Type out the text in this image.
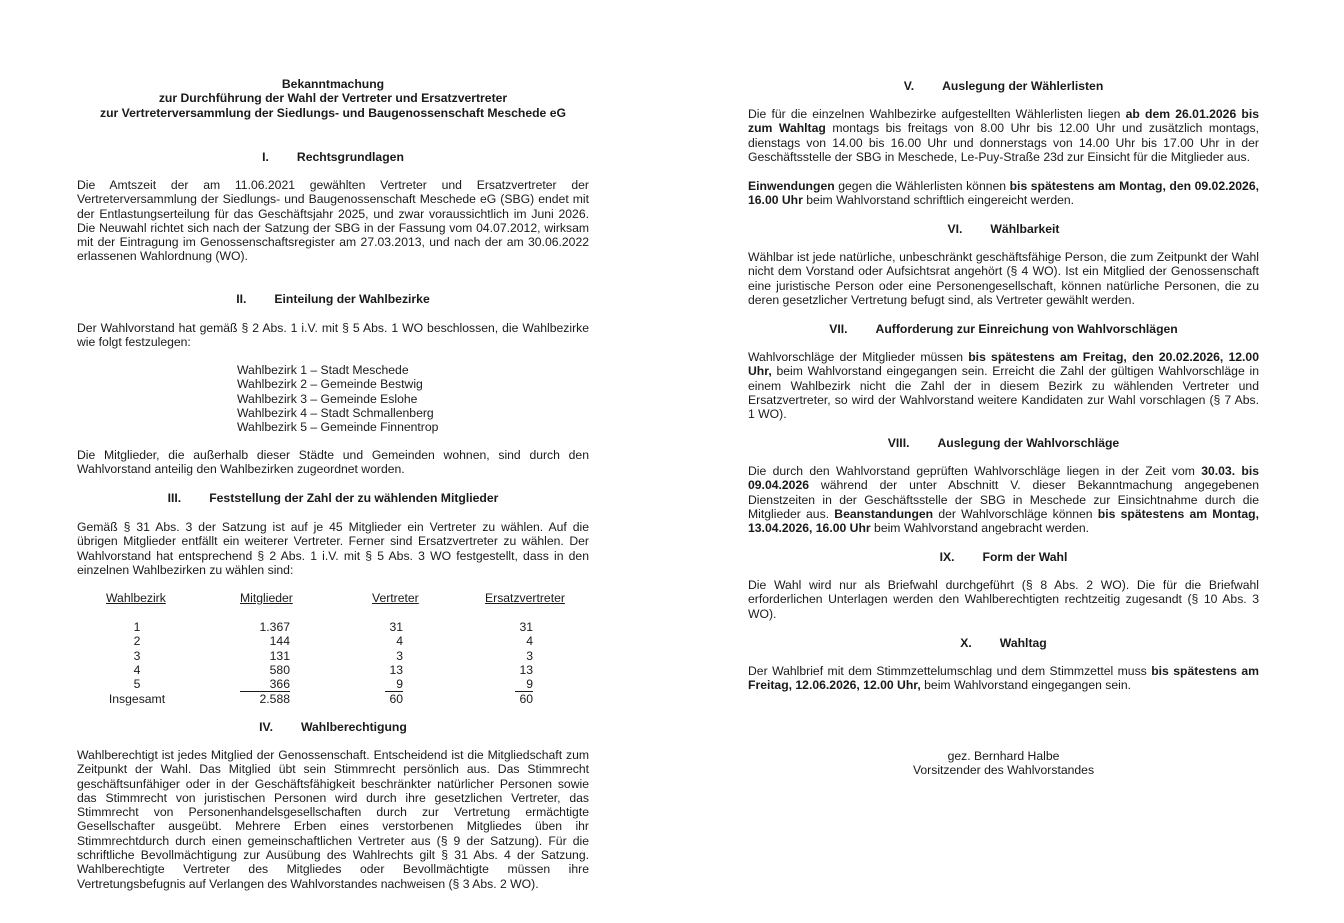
Bekanntmachung
zur Durchführung der Wahl der Vertreter und Ersatzvertreter
zur Vertreterversammlung der Siedlungs- und Baugenossenschaft Meschede eG
I. Rechtsgrundlagen
Die Amtszeit der am 11.06.2021 gewählten Vertreter und Ersatzvertreter der Vertreterversammlung der Siedlungs- und Baugenossenschaft Meschede eG (SBG) endet mit der Entlastungserteilung für das Geschäftsjahr 2025, und zwar voraussichtlich im Juni 2026. Die Neuwahl richtet sich nach der Satzung der SBG in der Fassung vom 04.07.2012, wirksam mit der Eintragung im Genossenschaftsregister am 27.03.2013, und nach der am 30.06.2022 erlassenen Wahlordnung (WO).
II. Einteilung der Wahlbezirke
Der Wahlvorstand hat gemäß § 2 Abs. 1 i.V. mit § 5 Abs. 1 WO beschlossen, die Wahlbezirke wie folgt festzulegen:
Wahlbezirk 1 – Stadt Meschede
Wahlbezirk 2 – Gemeinde Bestwig
Wahlbezirk 3 – Gemeinde Eslohe
Wahlbezirk 4 – Stadt Schmallenberg
Wahlbezirk 5 – Gemeinde Finnentrop
Die Mitglieder, die außerhalb dieser Städte und Gemeinden wohnen, sind durch den Wahlvorstand anteilig den Wahlbezirken zugeordnet worden.
III. Feststellung der Zahl der zu wählenden Mitglieder
Gemäß § 31 Abs. 3 der Satzung ist auf je 45 Mitglieder ein Vertreter zu wählen. Auf die übrigen Mitglieder entfällt ein weiterer Vertreter. Ferner sind Ersatzvertreter zu wählen. Der Wahlvorstand hat entsprechend § 2 Abs. 1 i.V. mit § 5 Abs. 3 WO festgestellt, dass in den einzelnen Wahlbezirken zu wählen sind:
Wahlbezirk	Mitglieder	Vertreter	Ersatzvertreter
1	1.367	31	31
2	144	4	4
3	131	3	3
4	580	13	13
5	366	9	9
Insgesamt	2.588	60	60
IV. Wahlberechtigung
Wahlberechtigt ist jedes Mitglied der Genossenschaft. Entscheidend ist die Mitgliedschaft zum Zeitpunkt der Wahl. Das Mitglied übt sein Stimmrecht persönlich aus. Das Stimmrecht geschäftsunfähiger oder in der Geschäftsfähigkeit beschränkter natürlicher Personen sowie das Stimmrecht von juristischen Personen wird durch ihre gesetzlichen Vertreter, das Stimmrecht von Personenhandelsgesellschaften durch zur Vertretung ermächtigte Gesellschafter ausgeübt. Mehrere Erben eines verstorbenen Mitgliedes üben ihr Stimmrechtdurch durch einen gemeinschaftlichen Vertreter aus (§ 9 der Satzung). Für die schriftliche Bevollmächtigung zur Ausübung des Wahlrechts gilt § 31 Abs. 4 der Satzung. Wahlberechtigte Vertreter des Mitgliedes oder Bevollmächtigte müssen ihre Vertretungsbefugnis auf Verlangen des Wahlvorstandes nachweisen (§ 3 Abs. 2 WO).
V. Auslegung der Wählerlisten
Die für die einzelnen Wahlbezirke aufgestellten Wählerlisten liegen ab dem 26.01.2026 bis zum Wahltag montags bis freitags von 8.00 Uhr bis 12.00 Uhr und zusätzlich montags, dienstags von 14.00 bis 16.00 Uhr und donnerstags von 14.00 Uhr bis 17.00 Uhr in der Geschäftsstelle der SBG in Meschede, Le-Puy-Straße 23d zur Einsicht für die Mitglieder aus.
Einwendungen gegen die Wählerlisten können bis spätestens am Montag, den 09.02.2026, 16.00 Uhr beim Wahlvorstand schriftlich eingereicht werden.
VI. Wählbarkeit
Wählbar ist jede natürliche, unbeschränkt geschäftsfähige Person, die zum Zeitpunkt der Wahl nicht dem Vorstand oder Aufsichtsrat angehört (§ 4 WO). Ist ein Mitglied der Genossenschaft eine juristische Person oder eine Personengesellschaft, können natürliche Personen, die zu deren gesetzlicher Vertretung befugt sind, als Vertreter gewählt werden.
VII. Aufforderung zur Einreichung von Wahlvorschlägen
Wahlvorschläge der Mitglieder müssen bis spätestens am Freitag, den 20.02.2026, 12.00 Uhr, beim Wahlvorstand eingegangen sein. Erreicht die Zahl der gültigen Wahlvorschläge in einem Wahlbezirk nicht die Zahl der in diesem Bezirk zu wählenden Vertreter und Ersatzvertreter, so wird der Wahlvorstand weitere Kandidaten zur Wahl vorschlagen (§ 7 Abs. 1 WO).
VIII. Auslegung der Wahlvorschläge
Die durch den Wahlvorstand geprüften Wahlvorschläge liegen in der Zeit vom 30.03. bis 09.04.2026 während der unter Abschnitt V. dieser Bekanntmachung angegebenen Dienstzeiten in der Geschäftsstelle der SBG in Meschede zur Einsichtnahme durch die Mitglieder aus. Beanstandungen der Wahlvorschläge können bis spätestens am Montag, 13.04.2026, 16.00 Uhr beim Wahlvorstand angebracht werden.
IX. Form der Wahl
Die Wahl wird nur als Briefwahl durchgeführt (§ 8 Abs. 2 WO). Die für die Briefwahl erforderlichen Unterlagen werden den Wahlberechtigten rechtzeitig zugesandt (§ 10 Abs. 3 WO).
X. Wahltag
Der Wahlbrief mit dem Stimmzettelumschlag und dem Stimmzettel muss bis spätestens am Freitag, 12.06.2026, 12.00 Uhr, beim Wahlvorstand eingegangen sein.
gez. Bernhard Halbe
Vorsitzender des Wahlvorstandes
